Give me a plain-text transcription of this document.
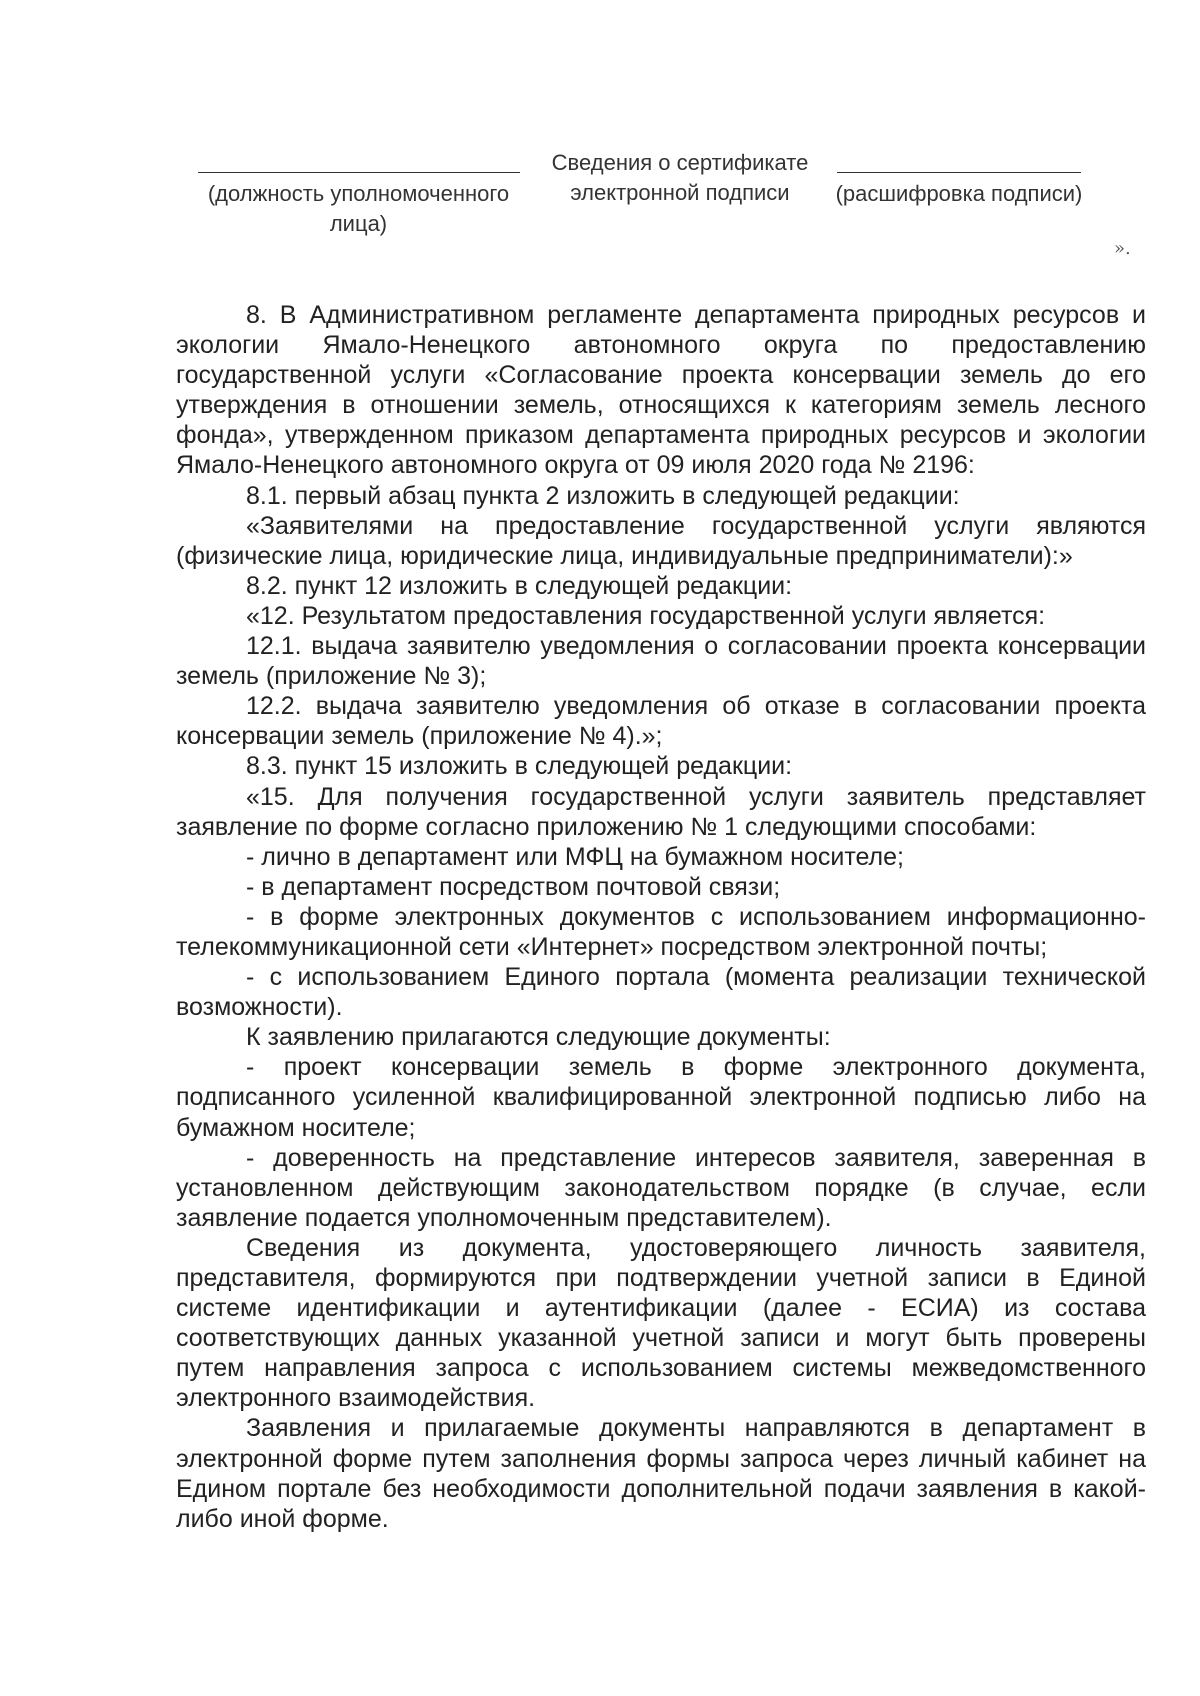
(должность уполномоченного лица)
Сведения о сертификате электронной подписи	(расшифровка подписи)
».

8. В Административном регламенте департамента природных ресурсов и экологии Ямало-Ненецкого автономного округа по предоставлению государственной услуги «Согласование проекта консервации земель до его утверждения в отношении земель, относящихся к категориям земель лесного фонда», утвержденном приказом департамента природных ресурсов и экологии Ямало-Ненецкого автономного округа от 09 июля 2020 года № 2196:

8.1. первый абзац пункта 2 изложить в следующей редакции:

«Заявителями на предоставление государственной услуги являются (физические лица, юридические лица, индивидуальные предприниматели):»

8.2. пункт 12 изложить в следующей редакции:

«12. Результатом предоставления государственной услуги является:

12.1. выдача заявителю уведомления о согласовании проекта консервации земель (приложение № 3);

12.2. выдача заявителю уведомления об отказе в согласовании проекта консервации земель (приложение № 4).»;

8.3. пункт 15 изложить в следующей редакции:

«15. Для получения государственной услуги заявитель представляет заявление по форме согласно приложению № 1 следующими способами:

- лично в департамент или МФЦ на бумажном носителе;

- в департамент посредством почтовой связи;

- в форме электронных документов с использованием информационно-телекоммуникационной сети «Интернет» посредством электронной почты;

- с использованием Единого портала (момента реализации технической возможности).

К заявлению прилагаются следующие документы:

- проект консервации земель в форме электронного документа, подписанного усиленной квалифицированной электронной подписью либо на бумажном носителе;

- доверенность на представление интересов заявителя, заверенная в установленном действующим законодательством порядке (в случае, если заявление подается уполномоченным представителем).

Сведения из документа, удостоверяющего личность заявителя, представителя, формируются при подтверждении учетной записи в Единой системе идентификации и аутентификации (далее - ЕСИА) из состава соответствующих данных указанной учетной записи и могут быть проверены путем направления запроса с использованием системы межведомственного электронного взаимодействия.

Заявления и прилагаемые документы направляются в департамент в электронной форме путем заполнения формы запроса через личный кабинет на Едином портале без необходимости дополнительной подачи заявления в какой-либо иной форме.
